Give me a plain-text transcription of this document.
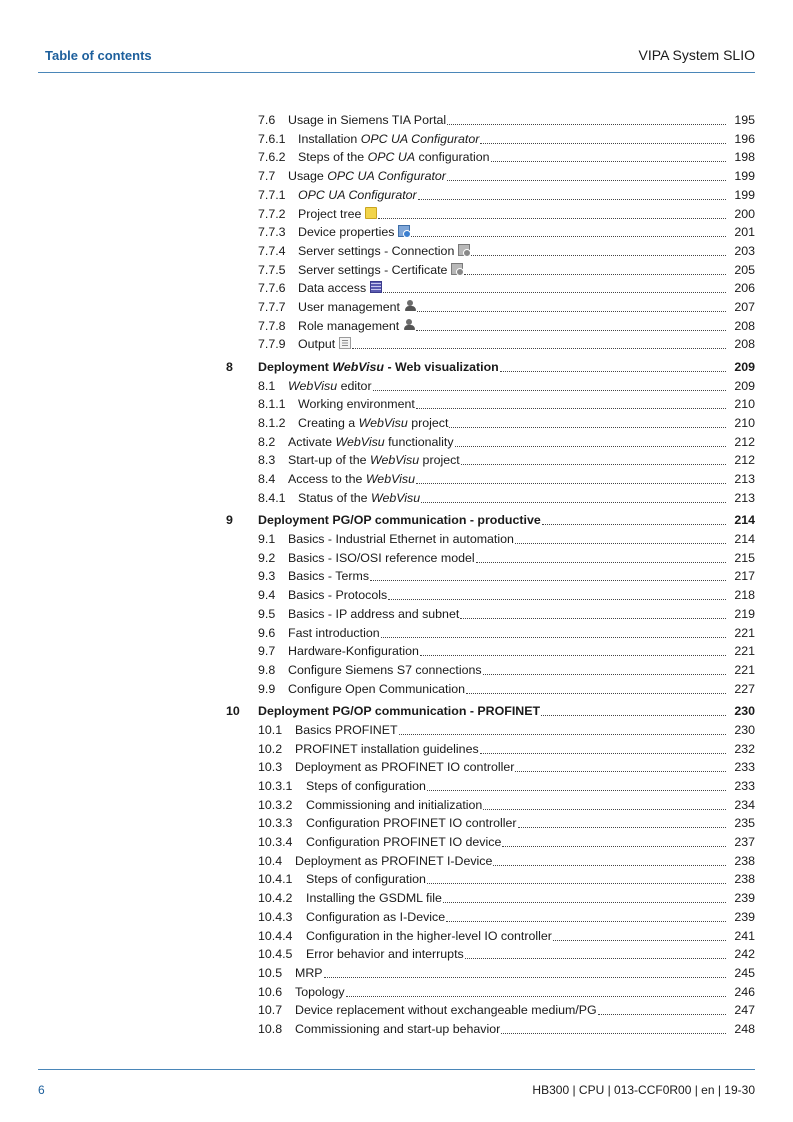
Table of contents	VIPA System SLIO
7.6	Usage in Siemens TIA Portal	195
7.6.1	Installation OPC UA Configurator	196
7.6.2	Steps of the OPC UA configuration	198
7.7	Usage OPC UA Configurator	199
7.7.1	OPC UA Configurator	199
7.7.2	Project tree	200
7.7.3	Device properties	201
7.7.4	Server settings - Connection	203
7.7.5	Server settings - Certificate	205
7.7.6	Data access	206
7.7.7	User management	207
7.7.8	Role management	208
7.7.9	Output	208
8 Deployment WebVisu - Web visualization	209
8.1	WebVisu editor	209
8.1.1	Working environment	210
8.1.2	Creating a WebVisu project	210
8.2	Activate WebVisu functionality	212
8.3	Start-up of the WebVisu project	212
8.4	Access to the WebVisu	213
8.4.1	Status of the WebVisu	213
9 Deployment PG/OP communication - productive	214
9.1	Basics - Industrial Ethernet in automation	214
9.2	Basics - ISO/OSI reference model	215
9.3	Basics - Terms	217
9.4	Basics - Protocols	218
9.5	Basics - IP address and subnet	219
9.6	Fast introduction	221
9.7	Hardware-Konfiguration	221
9.8	Configure Siemens S7 connections	221
9.9	Configure Open Communication	227
10 Deployment PG/OP communication - PROFINET	230
10.1	Basics PROFINET	230
10.2	PROFINET installation guidelines	232
10.3	Deployment as PROFINET IO controller	233
10.3.1	Steps of configuration	233
10.3.2	Commissioning and initialization	234
10.3.3	Configuration PROFINET IO controller	235
10.3.4	Configuration PROFINET IO device	237
10.4	Deployment as PROFINET I-Device	238
10.4.1	Steps of configuration	238
10.4.2	Installing the GSDML file	239
10.4.3	Configuration as I-Device	239
10.4.4	Configuration in the higher-level IO controller	241
10.4.5	Error behavior and interrupts	242
10.5	MRP	245
10.6	Topology	246
10.7	Device replacement without exchangeable medium/PG	247
10.8	Commissioning and start-up behavior	248
6	HB300 | CPU | 013-CCF0R00 | en | 19-30
